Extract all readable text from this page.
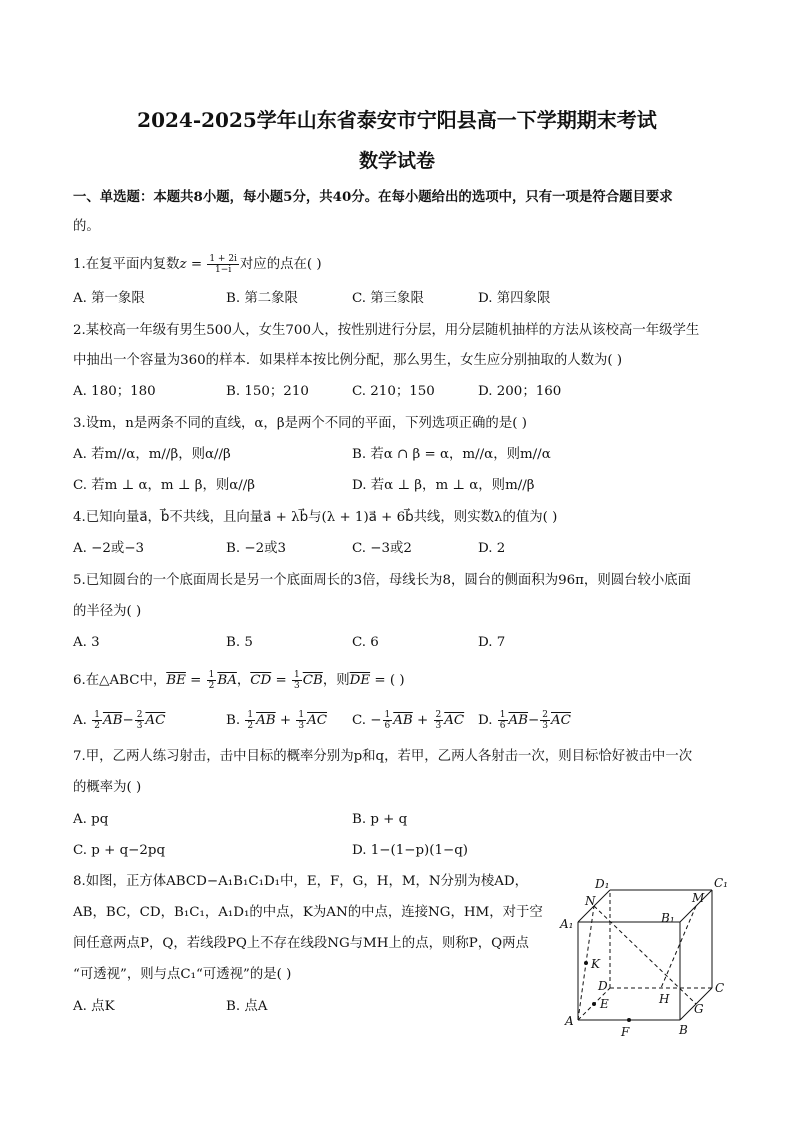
2024-2025学年山东省泰安市宁阳县高一下学期期末考试
数学试卷
一、单选题：本题共8小题，每小题5分，共40分。在每小题给出的选项中，只有一项是符合题目要求
的。
1.在复平面内复数$z = \frac{1 + 2i}{1-i}$ 对应的点在( )
A. 第一象限	B. 第二象限	C. 第三象限	D. 第四象限
2.某校高一年级有男生500人，女生700人，按性别进行分层，用分层随机抽样的方法从该校高一年级学生
中抽出一个容量为360的样本．如果样本按比例分配，那么男生，女生应分别抽取的人数为( )
A. 180；180	B. 150；210	C. 210；150	D. 200；160
3.设m，n是两条不同的直线，α，β是两个不同的平面，下列选项正确的是( )
A. 若m//α，m//β，则α//β	B. 若α ∩ β = α，m//α，则m//α
C. 若m ⊥ α，m ⊥ β，则α//β	D. 若α ⊥ β，m ⊥ α，则m//β
4.已知向量a⃗，b⃗不共线，且向量a⃗ + λb⃗与(λ + 1)a⃗ + 6b⃗共线，则实数λ的值为( )
A. −2或−3	B. −2或3	C. −3或2	D. 2
5.已知圆台的一个底面周长是另一个底面周长的3倍，母线长为8，圆台的侧面积为96π，则圆台较小底面
的半径为( )
A. 3	B. 5	C. 6	D. 7
6.在△ABC中，$\overline{BE} = \frac{1}{2} \overline{BA}$，$\overline{CD} = \frac{1}{3} \overline{CB}$，则$\overline{DE}$ = ( )
A. $\frac{1}{2} \overline{AB}- \frac{2}{3} \overline{AC}$	B. $\frac{1}{2} \overline{AB} + \frac{1}{3} \overline{AC}$ C. − $\frac{1}{6} \overline{AB} + \frac{2}{3} \overline{AC}$ D. $\frac{1}{6} \overline{AB}- \frac{2}{3} \overline{AC}$
7.甲，乙两人练习射击，击中目标的概率分别为p和q，若甲，乙两人各射击一次，则目标恰好被击中一次
的概率为( )
A. pq	B. p + q
C. p + q−2pq	D. 1−(1−p)(1−q)
8.如图，正方体ABCD−A₁B₁C₁D₁中，E，F，G，H，M，N分别为棱AD，
AB，BC，CD，B₁C₁，A₁D₁的中点，K为AN的中点，连接NG，HM，对于空
间任意两点P，Q，若线段PQ上不存在线段NG与MH上的点，则称P，Q两点
“可透视”，则与点C₁“可透视”的是( )
A. 点K	B. 点A
D₁	C₁
A₁
N
B₁
M
K
D	C
E	H
G
A
B
F
